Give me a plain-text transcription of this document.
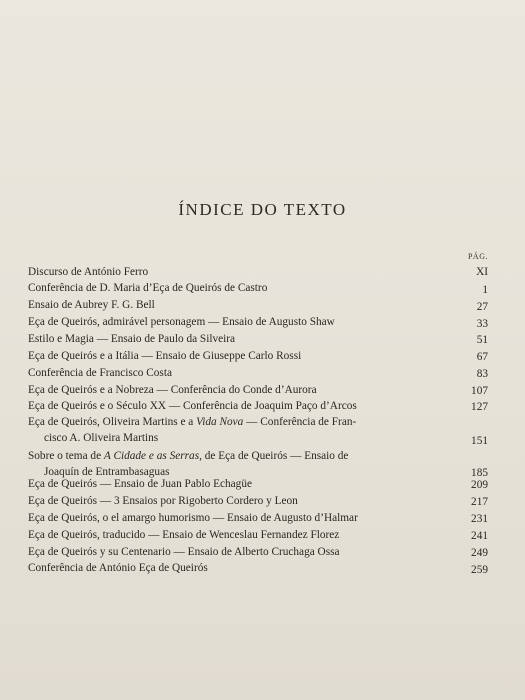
ÍNDICE DO TEXTO
PÁG.
Discurso de António Ferro	XI
Conferência de D. Maria d’Eça de Queirós de Castro	1
Ensaio de Aubrey F. G. Bell	27
Eça de Queirós, admirável personagem — Ensaio de Augusto Shaw	33
Estilo e Magia — Ensaio de Paulo da Silveira	51
Eça de Queirós e a Itália — Ensaio de Giuseppe Carlo Rossi	67
Conferência de Francisco Costa	83
Eça de Queirós e a Nobreza — Conferência do Conde d’Aurora	107
Eça de Queirós e o Século XX — Conferência de Joaquim Paço d’Arcos	127
Eça de Queirós, Oliveira Martins e a Vida Nova — Conferência de Fran-
cisco A. Oliveira Martins	151
Sobre o tema de A Cidade e as Serras, de Eça de Queirós — Ensaio de
Joaquín de Entrambasaguas	185
Eça de Queirós — Ensaio de Juan Pablo Echagüe	209
Eça de Queirós — 3 Ensaios por Rigoberto Cordero y Leon	217
Eça de Queirós, o el amargo humorismo — Ensaio de Augusto d’Halmar	231
Eça de Queirós, traducido — Ensaio de Wenceslau Fernandez Florez	241
Eça de Queirós y su Centenario — Ensaio de Alberto Cruchaga Ossa	249
Conferência de António Eça de Queirós	259
